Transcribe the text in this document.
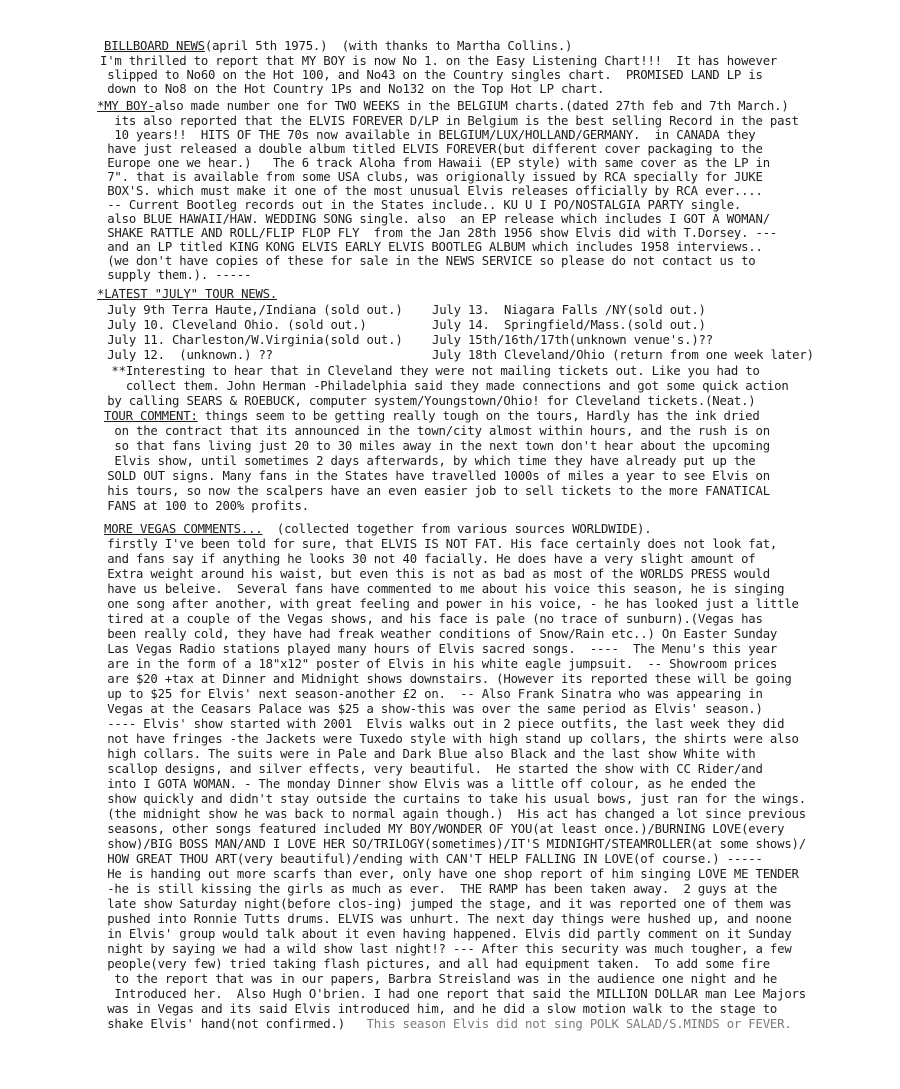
BILLBOARD NEWS(april 5th 1975.)  (with thanks to Martha Collins.)
I'm thrilled to report that MY BOY is now No 1. on the Easy Listening Chart!!!  It has however
slipped to No60 on the Hot 100, and No43 on the Country singles chart.  PROMISED LAND LP is
down to No8 on the Hot Country 1Ps and No132 on the Top Hot LP chart.
*MY BOY-also made number one for TWO WEEKS in the BELGIUM charts.(dated 27th feb and 7th March.)
its also reported that the ELVIS FOREVER D/LP in Belgium is the best selling Record in the past
10 years!!  HITS OF THE 70s now available in BELGIUM/LUX/HOLLAND/GERMANY.  in CANADA they
have just released a double album titled ELVIS FOREVER(but different cover packaging to the
Europe one we hear.)   The 6 track Aloha from Hawaii (EP style) with same cover as the LP in
7". that is available from some USA clubs, was origionally issued by RCA specially for JUKE
BOX'S. which must make it one of the most unusual Elvis releases officially by RCA ever....
-- Current Bootleg records out in the States include.. KU U I PO/NOSTALGIA PARTY single.
also BLUE HAWAII/HAW. WEDDING SONG single. also  an EP release which includes I GOT A WOMAN/
SHAKE RATTLE AND ROLL/FLIP FLOP FLY  from the Jan 28th 1956 show Elvis did with T.Dorsey. ---
and an LP titled KING KONG ELVIS EARLY ELVIS BOOTLEG ALBUM which includes 1958 interviews..
(we don't have copies of these for sale in the NEWS SERVICE so please do not contact us to
supply them.). -----
*LATEST "JULY" TOUR NEWS.
July 9th Terra Haute,/Indiana (sold out.)
July 10. Cleveland Ohio. (sold out.)
July 11. Charleston/W.Virginia(sold out.)
July 12.  (unknown.) ??
July 13.  Niagara Falls /NY(sold out.)
July 14.  Springfield/Mass.(sold out.)
July 15th/16th/17th(unknown venue's.)??
July 18th Cleveland/Ohio (return from one week later)
**Interesting to hear that in Cleveland they were not mailing tickets out. Like you had to
collect them. John Herman -Philadelphia said they made connections and got some quick action
by calling SEARS & ROEBUCK, computer system/Youngstown/Ohio! for Cleveland tickets.(Neat.)
TOUR COMMENT: things seem to be getting really tough on the tours, Hardly has the ink dried
on the contract that its announced in the town/city almost within hours, and the rush is on
so that fans living just 20 to 30 miles away in the next town don't hear about the upcoming
Elvis show, until sometimes 2 days afterwards, by which time they have already put up the
SOLD OUT signs. Many fans in the States have travelled 1000s of miles a year to see Elvis on
his tours, so now the scalpers have an even easier job to sell tickets to the more FANATICAL
FANS at 100 to 200% profits.
MORE VEGAS COMMENTS...  (collected together from various sources WORLDWIDE).
firstly I've been told for sure, that ELVIS IS NOT FAT. His face certainly does not look fat,
and fans say if anything he looks 30 not 40 facially. He does have a very slight amount of
Extra weight around his waist, but even this is not as bad as most of the WORLDS PRESS would
have us beleive.  Several fans have commented to me about his voice this season, he is singing
one song after another, with great feeling and power in his voice, - he has looked just a little
tired at a couple of the Vegas shows, and his face is pale (no trace of sunburn).(Vegas has
been really cold, they have had freak weather conditions of Snow/Rain etc..) On Easter Sunday
Las Vegas Radio stations played many hours of Elvis sacred songs.  ----  The Menu's this year
are in the form of a 18"x12" poster of Elvis in his white eagle jumpsuit.  -- Showroom prices
are $20 +tax at Dinner and Midnight shows downstairs. (However its reported these will be going
up to $25 for Elvis' next season-another £2 on.  -- Also Frank Sinatra who was appearing in
Vegas at the Ceasars Palace was $25 a show-this was over the same period as Elvis' season.)
---- Elvis' show started with 2001  Elvis walks out in 2 piece outfits, the last week they did
not have fringes -the Jackets were Tuxedo style with high stand up collars, the shirts were also
high collars. The suits were in Pale and Dark Blue also Black and the last show White with
scallop designs, and silver effects, very beautiful.  He started the show with CC Rider/and
into I GOTA WOMAN. - The monday Dinner show Elvis was a little off colour, as he ended the
show quickly and didn't stay outside the curtains to take his usual bows, just ran for the wings.
(the midnight show he was back to normal again though.)  His act has changed a lot since previous
seasons, other songs featured included MY BOY/WONDER OF YOU(at least once.)/BURNING LOVE(every
show)/BIG BOSS MAN/AND I LOVE HER SO/TRILOGY(sometimes)/IT'S MIDNIGHT/STEAMROLLER(at some shows)/
HOW GREAT THOU ART(very beautiful)/ending with CAN'T HELP FALLING IN LOVE(of course.) -----
He is handing out more scarfs than ever, only have one shop report of him singing LOVE ME TENDER
-he is still kissing the girls as much as ever.  THE RAMP has been taken away.  2 guys at the
late show Saturday night(before clos-ing) jumped the stage, and it was reported one of them was
pushed into Ronnie Tutts drums. ELVIS was unhurt. The next day things were hushed up, and noone
in Elvis' group would talk about it even having happened. Elvis did partly comment on it Sunday
night by saying we had a wild show last night!? --- After this security was much tougher, a few
people(very few) tried taking flash pictures, and all had equipment taken.  To add some fire
to the report that was in our papers, Barbra Streisland was in the audience one night and he
Introduced her.  Also Hugh O'brien. I had one report that said the MILLION DOLLAR man Lee Majors
was in Vegas and its said Elvis introduced him, and he did a slow motion walk to the stage to
shake Elvis' hand(not confirmed.)   This season Elvis did not sing POLK SALAD/S.MINDS or FEVER.
